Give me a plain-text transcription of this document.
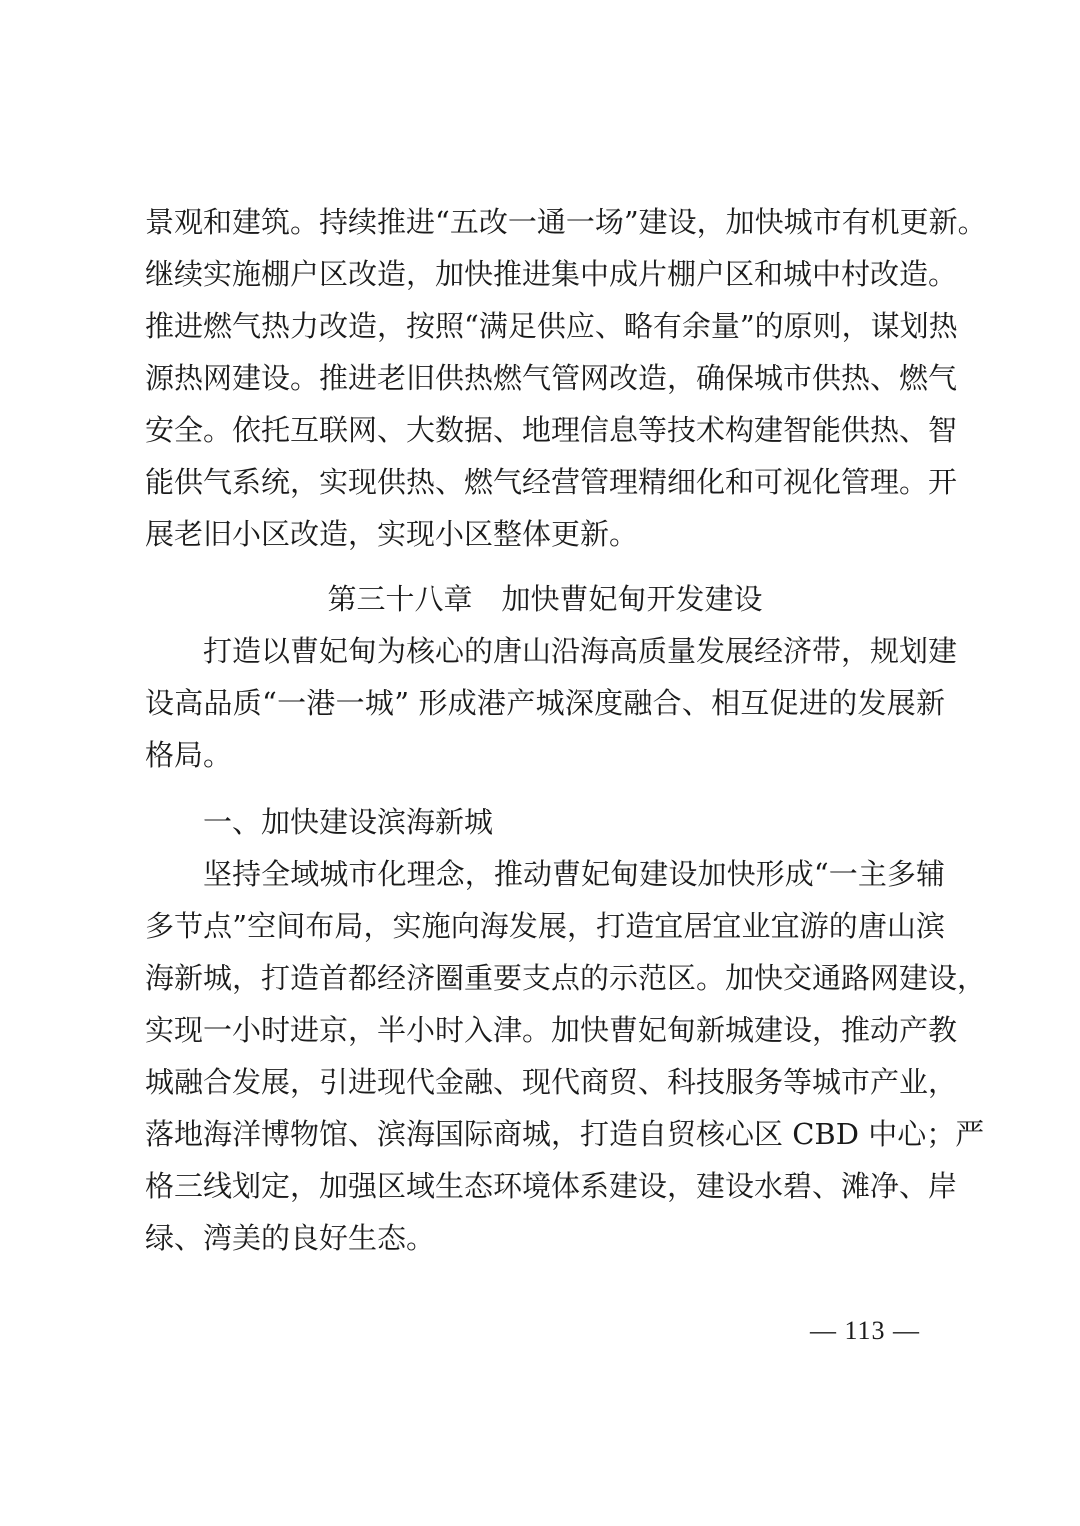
景观和建筑。持续推进“五改一通一场”建设，加快城市有机更新。
继续实施棚户区改造，加快推进集中成片棚户区和城中村改造。
推进燃气热力改造，按照“满足供应、略有余量”的原则，谋划热
源热网建设。推进老旧供热燃气管网改造，确保城市供热、燃气
安全。依托互联网、大数据、地理信息等技术构建智能供热、智
能供气系统，实现供热、燃气经营管理精细化和可视化管理。开
展老旧小区改造，实现小区整体更新。
第三十八章　加快曹妃甸开发建设
打造以曹妃甸为核心的唐山沿海高质量发展经济带，规划建
设高品质“一港一城” 形成港产城深度融合、相互促进的发展新
格局。
一、加快建设滨海新城
坚持全域城市化理念，推动曹妃甸建设加快形成“一主多辅
多节点”空间布局，实施向海发展，打造宜居宜业宜游的唐山滨
海新城，打造首都经济圈重要支点的示范区。加快交通路网建设，
实现一小时进京，半小时入津。加快曹妃甸新城建设，推动产教
城融合发展，引进现代金融、现代商贸、科技服务等城市产业，
落地海洋博物馆、滨海国际商城，打造自贸核心区 CBD 中心；严
格三线划定，加强区域生态环境体系建设，建设水碧、滩净、岸
绿、湾美的良好生态。
— 113 —
